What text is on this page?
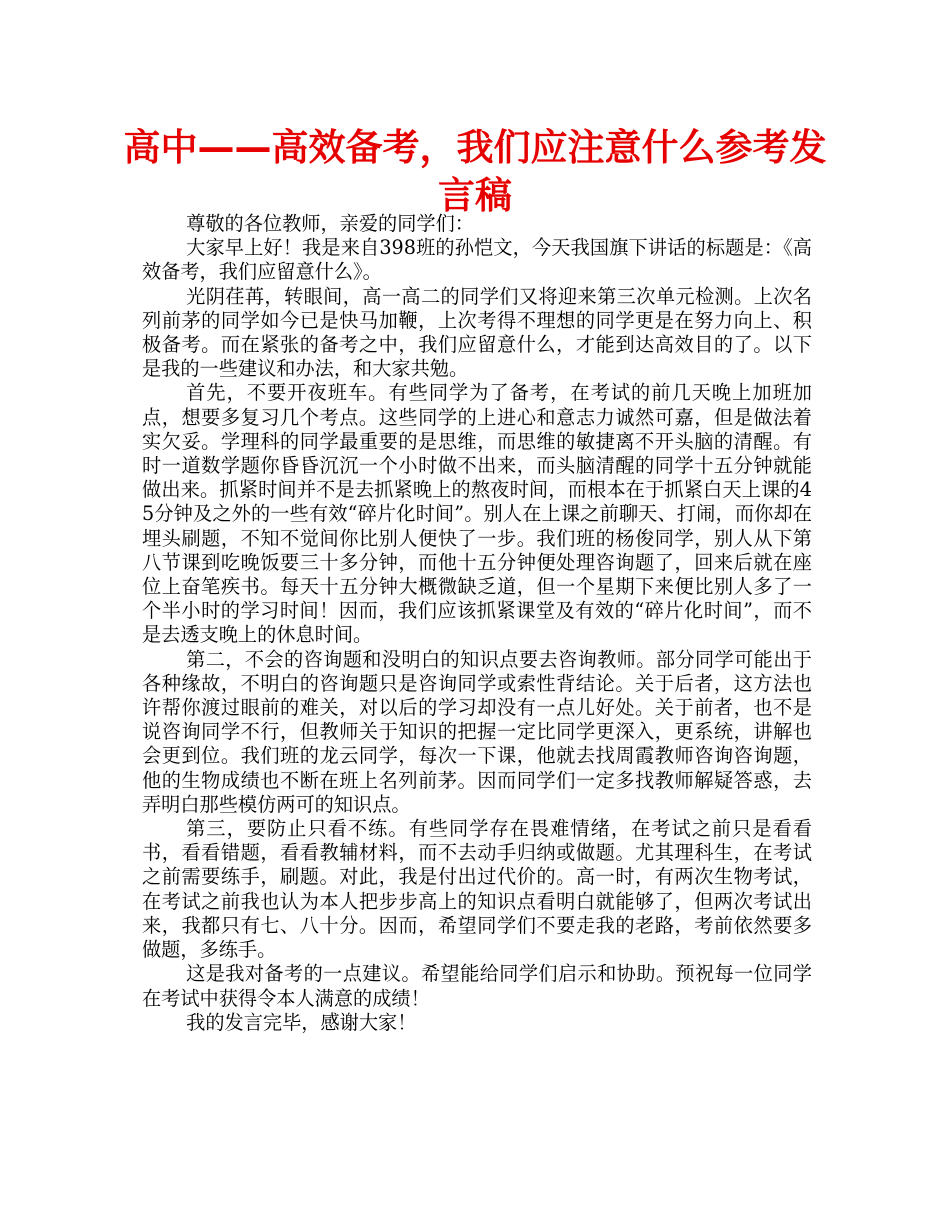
高中——高效备考，我们应注意什么参考发言稿

尊敬的各位教师，亲爱的同学们：

大家早上好！我是来自398班的孙恺文，今天我国旗下讲话的标题是：《高效备考，我们应留意什么》。

光阴荏苒，转眼间，高一高二的同学们又将迎来第三次单元检测。上次名列前茅的同学如今已是快马加鞭，上次考得不理想的同学更是在努力向上、积极备考。而在紧张的备考之中，我们应留意什么，才能到达高效目的了。以下是我的一些建议和办法，和大家共勉。

首先，不要开夜班车。有些同学为了备考，在考试的前几天晚上加班加点，想要多复习几个考点。这些同学的上进心和意志力诚然可嘉，但是做法着实欠妥。学理科的同学最重要的是思维，而思维的敏捷离不开头脑的清醒。有时一道数学题你昏昏沉沉一个小时做不出来，而头脑清醒的同学十五分钟就能做出来。抓紧时间并不是去抓紧晚上的熬夜时间，而根本在于抓紧白天上课的45分钟及之外的一些有效“碎片化时间”。别人在上课之前聊天、打闹，而你却在埋头刷题，不知不觉间你比别人便快了一步。我们班的杨俊同学，别人从下第八节课到吃晚饭要三十多分钟，而他十五分钟便处理咨询题了，回来后就在座位上奋笔疾书。每天十五分钟大概微缺乏道，但一个星期下来便比别人多了一个半小时的学习时间！因而，我们应该抓紧课堂及有效的“碎片化时间”，而不是去透支晚上的休息时间。

第二，不会的咨询题和没明白的知识点要去咨询教师。部分同学可能出于各种缘故，不明白的咨询题只是咨询同学或索性背结论。关于后者，这方法也许帮你渡过眼前的难关，对以后的学习却没有一点儿好处。关于前者，也不是说咨询同学不行，但教师关于知识的把握一定比同学更深入，更系统，讲解也会更到位。我们班的龙云同学，每次一下课，他就去找周霞教师咨询咨询题，他的生物成绩也不断在班上名列前茅。因而同学们一定多找教师解疑答惑，去弄明白那些模仿两可的知识点。

第三，要防止只看不练。有些同学存在畏难情绪，在考试之前只是看看书，看看错题，看看教辅材料，而不去动手归纳或做题。尤其理科生，在考试之前需要练手，刷题。对此，我是付出过代价的。高一时，有两次生物考试，在考试之前我也认为本人把步步高上的知识点看明白就能够了，但两次考试出来，我都只有七、八十分。因而，希望同学们不要走我的老路，考前依然要多做题，多练手。

这是我对备考的一点建议。希望能给同学们启示和协助。预祝每一位同学在考试中获得令本人满意的成绩！

我的发言完毕，感谢大家！
